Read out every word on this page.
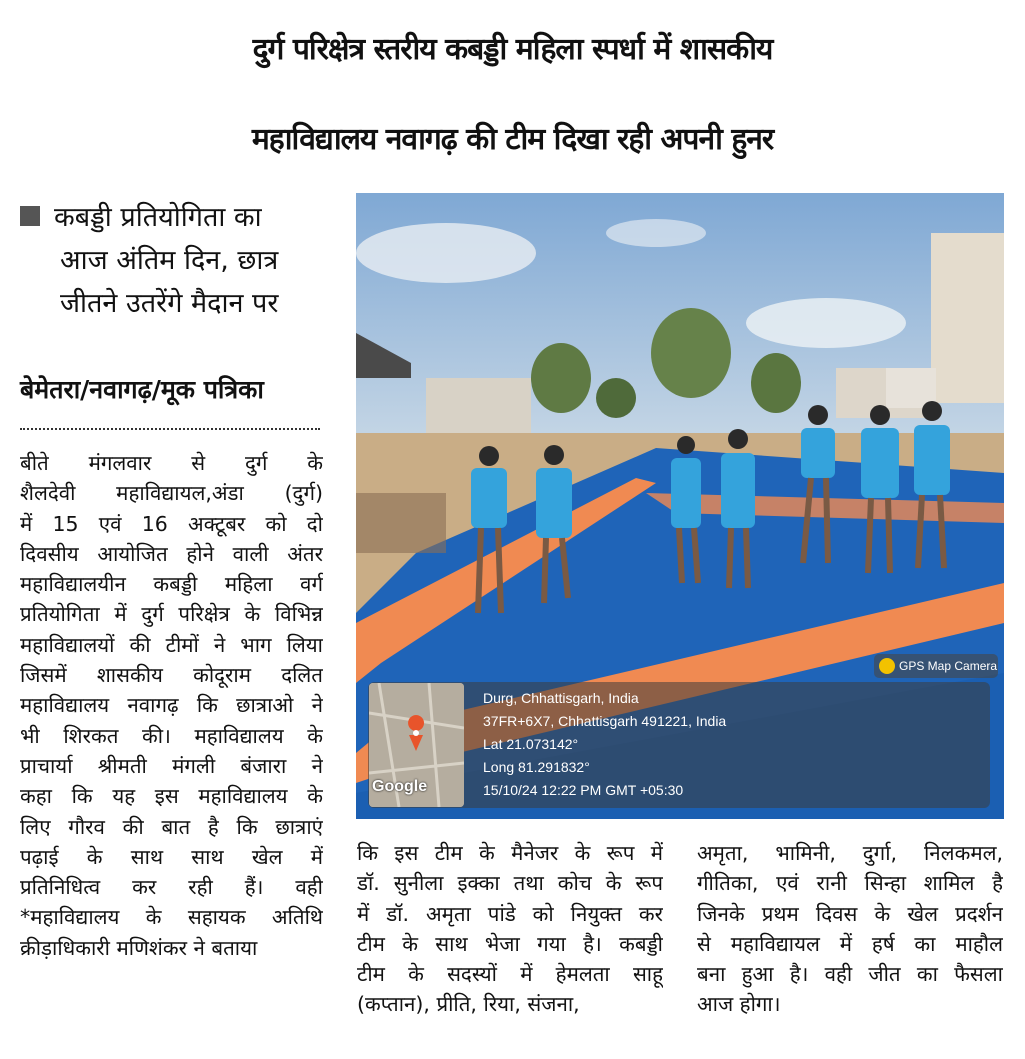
दुर्ग परिक्षेत्र स्तरीय कबड्डी महिला स्पर्धा में शासकीय
महाविद्यालय नवागढ़ की टीम दिखा रही अपनी हुनर
कबड्डी प्रतियोगिता का
आज अंतिम दिन, छात्र
जीतने उतरेंगे मैदान पर
बेमेतरा/नवागढ़/मूक पत्रिका
बीते मंगलवार से दुर्ग के
शैलदेवी महाविद्यायल,अंडा (दुर्ग)
में 15 एवं 16 अक्टूबर को दो
दिवसीय आयोजित होने वाली अंतर
महाविद्यालयीन कबड्डी महिला वर्ग
प्रतियोगिता में दुर्ग परिक्षेत्र के विभिन्न
महाविद्यालयों की टीमों ने भाग लिया
जिसमें शासकीय कोदूराम दलित
महाविद्यालय नवागढ़ कि छात्राओ ने
भी शिरकत की। महाविद्यालय के
प्राचार्या श्रीमती मंगली बंजारा ने
कहा कि यह इस महाविद्यालय के
लिए गौरव की बात है कि छात्राएं
पढ़ाई के साथ साथ खेल में
प्रतिनिधित्व कर रही हैं। वही
*महाविद्यालय के सहायक अतिथि
क्रीड़ाधिकारी मणिशंकर ने बताया
कि इस टीम के मैनेजर के रूप में
डॉ. सुनीला इक्का तथा कोच के रूप
में डॉ. अमृता पांडे को नियुक्त कर
टीम के साथ भेजा गया है। कबड्डी
टीम के सदस्यों में हेमलता साहू
(कप्तान), प्रीति, रिया, संजना,
अमृता, भामिनी, दुर्गा, निलकमल,
गीतिका, एवं रानी सिन्हा शामिल है
जिनके प्रथम दिवस के खेल प्रदर्शन
से महाविद्यायल में हर्ष का माहौल
बना हुआ है। वही जीत का फैसला
आज होगा।
Google
GPS Map Camera
Durg, Chhattisgarh, India
37FR+6X7, Chhattisgarh 491221, India
Lat 21.073142°
Long 81.291832°
15/10/24 12:22 PM GMT +05:30
